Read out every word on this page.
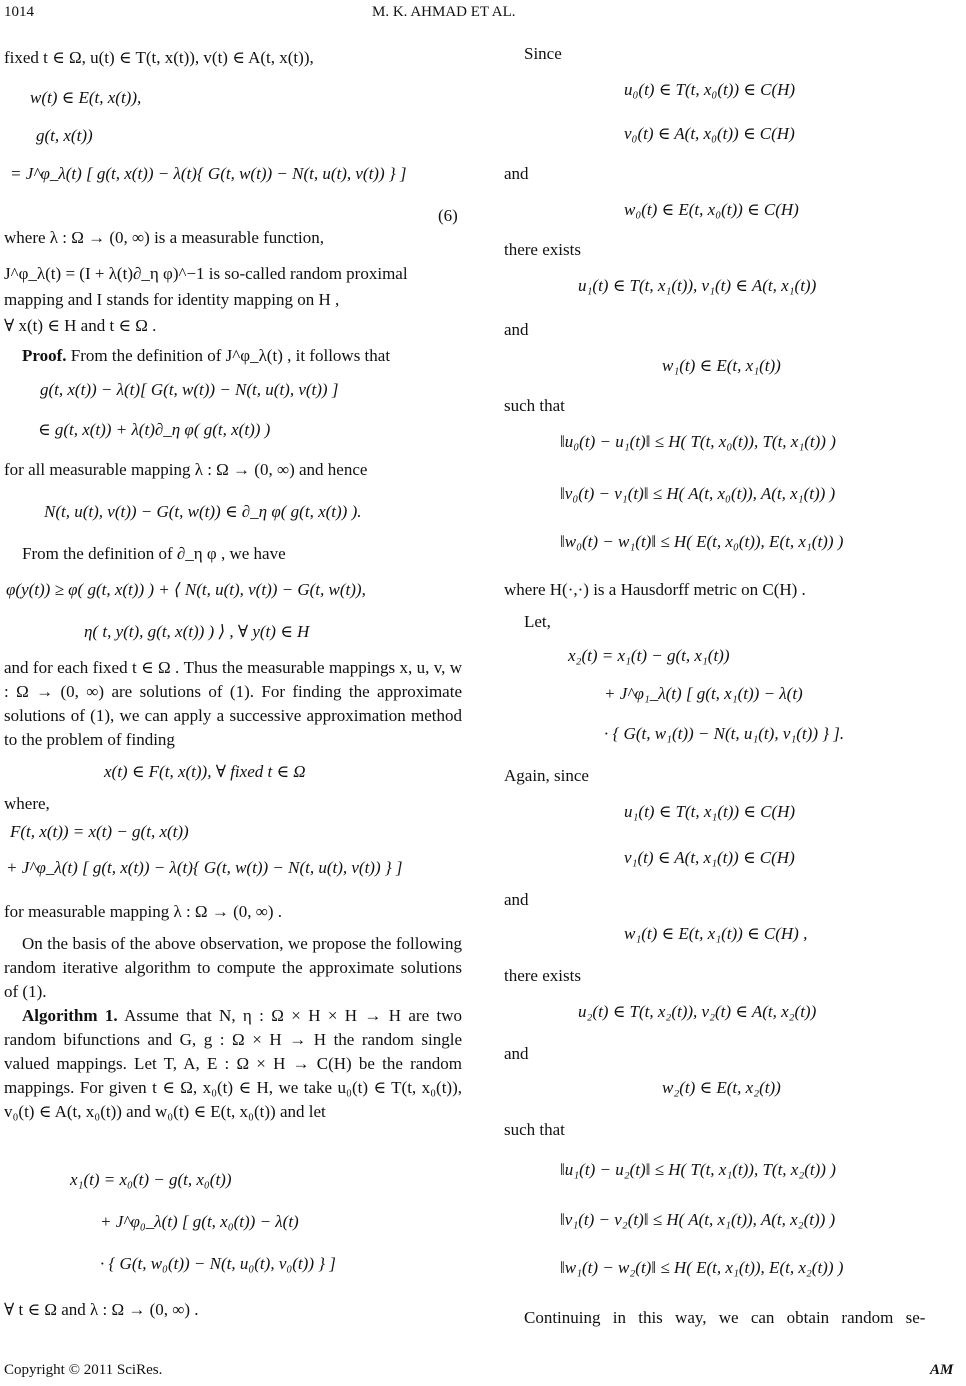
1014	M. K. AHMAD ET AL.
fixed t ∈ Ω, u(t) ∈ T(t, x(t)), v(t) ∈ A(t, x(t)),
w(t) ∈ E(t, x(t)),
g(t, x(t))
= J^φ_λ(t) [ g(t, x(t)) − λ(t){ G(t, w(t)) − N(t, u(t), v(t)) } ]
(6)
where λ : Ω → (0, ∞) is a measurable function,
J^φ_λ(t) = (I + λ(t)∂_η φ)^−1 is so-called random proximal
mapping and I stands for identity mapping on H ,
∀ x(t) ∈ H and t ∈ Ω .
Proof. From the definition of J^φ_λ(t) , it follows that
g(t, x(t)) − λ(t)[ G(t, w(t)) − N(t, u(t), v(t)) ]
∈ g(t, x(t)) + λ(t)∂_η φ( g(t, x(t)) )
for all measurable mapping λ : Ω → (0, ∞) and hence
N(t, u(t), v(t)) − G(t, w(t)) ∈ ∂_η φ( g(t, x(t)) ).
From the definition of ∂_η φ , we have
φ(y(t)) ≥ φ( g(t, x(t)) ) + ⟨ N(t, u(t), v(t)) − G(t, w(t)),
η( t, y(t), g(t, x(t)) ) ⟩ , ∀ y(t) ∈ H
and for each fixed t ∈ Ω . Thus the measurable mappings x, u, v, w : Ω → (0, ∞) are solutions of (1). For finding the approximate solutions of (1), we can apply a successive approximation method to the problem of finding
x(t) ∈ F(t, x(t)), ∀ fixed t ∈ Ω
where,
F(t, x(t)) = x(t) − g(t, x(t))
+ J^φ_λ(t) [ g(t, x(t)) − λ(t){ G(t, w(t)) − N(t, u(t), v(t)) } ]
for measurable mapping λ : Ω → (0, ∞) .
On the basis of the above observation, we propose the following random iterative algorithm to compute the approximate solutions of (1).
Algorithm 1. Assume that N, η : Ω × H × H → H are two random bifunctions and G, g : Ω × H → H the random single valued mappings. Let T, A, E : Ω × H → C(H) be the random mappings. For given t ∈ Ω, x₀(t) ∈ H, we take u₀(t) ∈ T(t, x₀(t)), v₀(t) ∈ A(t, x₀(t)) and w₀(t) ∈ E(t, x₀(t)) and let
x₁(t) = x₀(t) − g(t, x₀(t))
+ J^φ₀_λ(t) [ g(t, x₀(t)) − λ(t)
· { G(t, w₀(t)) − N(t, u₀(t), v₀(t)) } ]
∀ t ∈ Ω and λ : Ω → (0, ∞) .
Since
u₀(t) ∈ T(t, x₀(t)) ∈ C(H)
v₀(t) ∈ A(t, x₀(t)) ∈ C(H)
and
w₀(t) ∈ E(t, x₀(t)) ∈ C(H)
there exists
u₁(t) ∈ T(t, x₁(t)), v₁(t) ∈ A(t, x₁(t))
and
w₁(t) ∈ E(t, x₁(t))
such that
‖u₀(t) − u₁(t)‖ ≤ H( T(t, x₀(t)), T(t, x₁(t)) )
‖v₀(t) − v₁(t)‖ ≤ H( A(t, x₀(t)), A(t, x₁(t)) )
‖w₀(t) − w₁(t)‖ ≤ H( E(t, x₀(t)), E(t, x₁(t)) )
where H(·,·) is a Hausdorff metric on C(H) .
Let,
x₂(t) = x₁(t) − g(t, x₁(t))
+ J^φ₁_λ(t) [ g(t, x₁(t)) − λ(t)
· { G(t, w₁(t)) − N(t, u₁(t), v₁(t)) } ].
Again, since
u₁(t) ∈ T(t, x₁(t)) ∈ C(H)
v₁(t) ∈ A(t, x₁(t)) ∈ C(H)
and
w₁(t) ∈ E(t, x₁(t)) ∈ C(H) ,
there exists
u₂(t) ∈ T(t, x₂(t)), v₂(t) ∈ A(t, x₂(t))
and
w₂(t) ∈ E(t, x₂(t))
such that
‖u₁(t) − u₂(t)‖ ≤ H( T(t, x₁(t)), T(t, x₂(t)) )
‖v₁(t) − v₂(t)‖ ≤ H( A(t, x₁(t)), A(t, x₂(t)) )
‖w₁(t) − w₂(t)‖ ≤ H( E(t, x₁(t)), E(t, x₂(t)) )
Continuing in this way, we can obtain random se-
Copyright © 2011 SciRes.	AM
